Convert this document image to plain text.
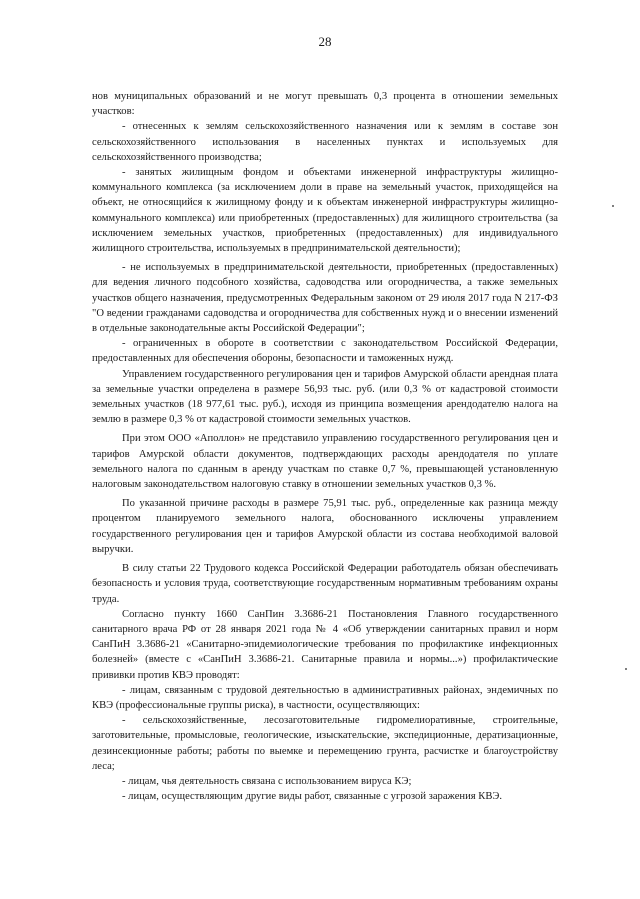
28

нов муниципальных образований и не могут превышать 0,3 процента в отношении земельных участков:

- отнесенных к землям сельскохозяйственного назначения или к землям в составе зон сельскохозяйственного использования в населенных пунктах и используемых для сельскохозяйственного производства;

- занятых жилищным фондом и объектами инженерной инфраструктуры жилищно-коммунального комплекса (за исключением доли в праве на земельный участок, приходящейся на объект, не относящийся к жилищному фонду и к объектам инженерной инфраструктуры жилищно-коммунального комплекса) или приобретенных (предоставленных) для жилищного строительства (за исключением земельных участков, приобретенных (предоставленных) для индивидуального жилищного строительства, используемых в предпринимательской деятельности);

- не используемых в предпринимательской деятельности, приобретенных (предоставленных) для ведения личного подсобного хозяйства, садоводства или огородничества, а также земельных участков общего назначения, предусмотренных Федеральным законом от 29 июля 2017 года N 217-ФЗ "О ведении гражданами садоводства и огородничества для собственных нужд и о внесении изменений в отдельные законодательные акты Российской Федерации";

- ограниченных в обороте в соответствии с законодательством Российской Федерации, предоставленных для обеспечения обороны, безопасности и таможенных нужд.

Управлением государственного регулирования цен и тарифов Амурской области арендная плата за земельные участки определена в размере 56,93 тыс. руб. (или 0,3 % от кадастровой стоимости земельных участков (18 977,61 тыс. руб.), исходя из принципа возмещения арендодателю налога на землю в размере 0,3 % от кадастровой стоимости земельных участков.

При этом ООО «Аполлон» не представило управлению государственного регулирования цен и тарифов Амурской области документов, подтверждающих расходы арендодателя по уплате земельного налога по сданным в аренду участкам по ставке 0,7 %, превышающей установленную налоговым законодательством налоговую ставку в отношении земельных участков 0,3 %.

По указанной причине расходы в размере 75,91 тыс. руб., определенные как разница между процентом планируемого земельного налога, обоснованного исключены управлением государственного регулирования цен и тарифов Амурской области из состава необходимой валовой выручки.

В силу статьи 22 Трудового кодекса Российской Федерации работодатель обязан обеспечивать безопасность и условия труда, соответствующие государственным нормативным требованиям охраны труда.

Согласно пункту 1660 СанПин 3.3686-21 Постановления Главного государственного санитарного врача РФ от 28 января 2021 года № 4 «Об утверждении санитарных правил и норм СанПиН 3.3686-21 «Санитарно-эпидемиологические требования по профилактике инфекционных болезней» (вместе с «СанПиН 3.3686-21. Санитарные правила и нормы...») профилактические прививки против КВЭ проводят:

- лицам, связанным с трудовой деятельностью в административных районах, эндемичных по КВЭ (профессиональные группы риска), в частности, осуществляющих:

- сельскохозяйственные, лесозаготовительные гидромелиоративные, строительные, заготовительные, промысловые, геологические, изыскательские, экспедиционные, дератизационные, дезинсекционные работы; работы по выемке и перемещению грунта, расчистке и благоустройству леса;

- лицам, чья деятельность связана с использованием вируса КЭ;

- лицам, осуществляющим другие виды работ, связанные с угрозой заражения КВЭ.
